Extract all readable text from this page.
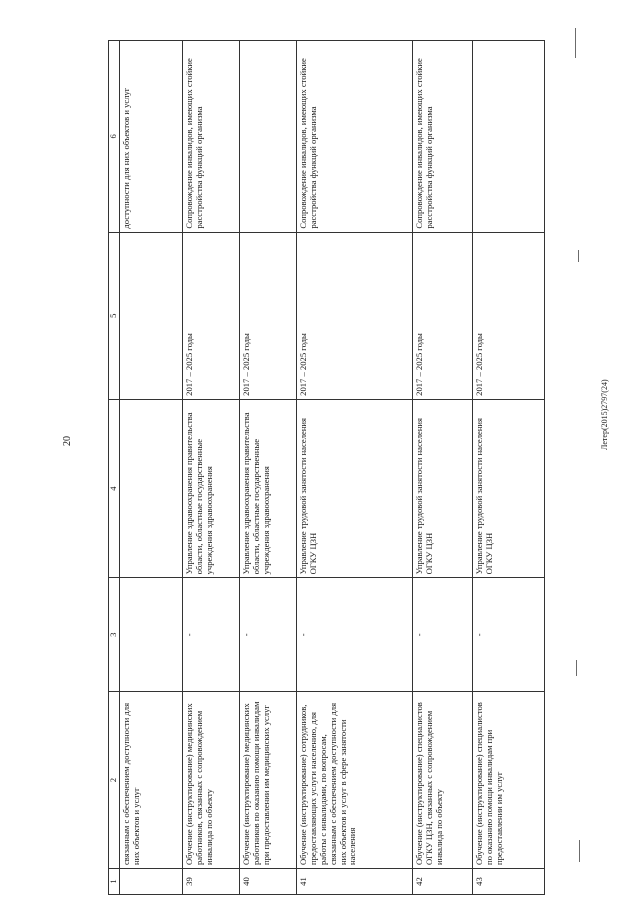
20	Летер(2015)2797(24)
1	2	3	4	5	6
	связанным с обеспечением доступности для них объектов и услуг				доступности для них объектов и услуг
39	Обучение (инструктирование) медицинских работников, связанных с сопровождением инвалида по объекту	-	Управление здравоохранения правительства области, областные государственные учреждения здравоохранения	2017 – 2025 годы	Сопровождение инвалидов, имеющих стойкие расстройства функций организма
40	Обучение (инструктирование) медицинских работников по оказанию помощи инвалидам при предоставлении им медицинских услуг	-	Управление здравоохранения правительства области, областные государственные учреждения здравоохранения	2017 – 2025 годы	
41	Обучение (инструктирование) сотрудников, предоставляющих услуги населению, для работы с инвалидами, по вопросам, связанным с обеспечением доступности для них объектов и услуг в сфере занятости населения	-	Управление трудовой занятости населения ОГКУ ЦЗН	2017 – 2025 годы	Сопровождение инвалидов, имеющих стойкие расстройства функций организма
42	Обучение (инструктирование) специалистов ОГКУ ЦЗН, связанных с сопровождением инвалида по объекту	-	Управление трудовой занятости населения ОГКУ ЦЗН	2017 – 2025 годы	Сопровождение инвалидов, имеющих стойкие расстройства функций организма
43	Обучение (инструктирование) специалистов по оказанию помощи инвалидам при предоставлении им услуг	-	Управление трудовой занятости населения ОГКУ ЦЗН	2017 – 2025 годы	
